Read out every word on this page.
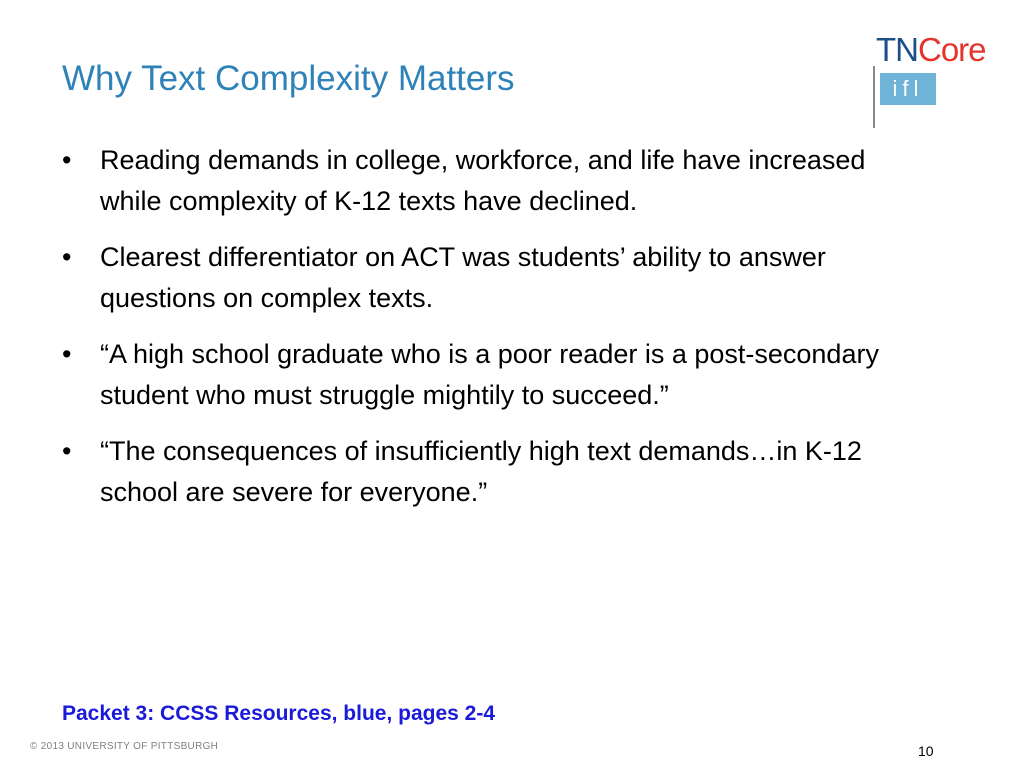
Why Text Complexity Matters
TNCore
ifl
• Reading demands in college, workforce, and life have increased while complexity of K-12 texts have declined.
• Clearest differentiator on ACT was students’ ability to answer questions on complex texts.
• “A high school graduate who is a poor reader is a post-secondary student who must struggle mightily to succeed.”
• “The consequences of insufficiently high text demands…in K-12 school are severe for everyone.”
Packet 3: CCSS Resources, blue, pages 2-4
© 2013 UNIVERSITY OF PITTSBURGH	10
